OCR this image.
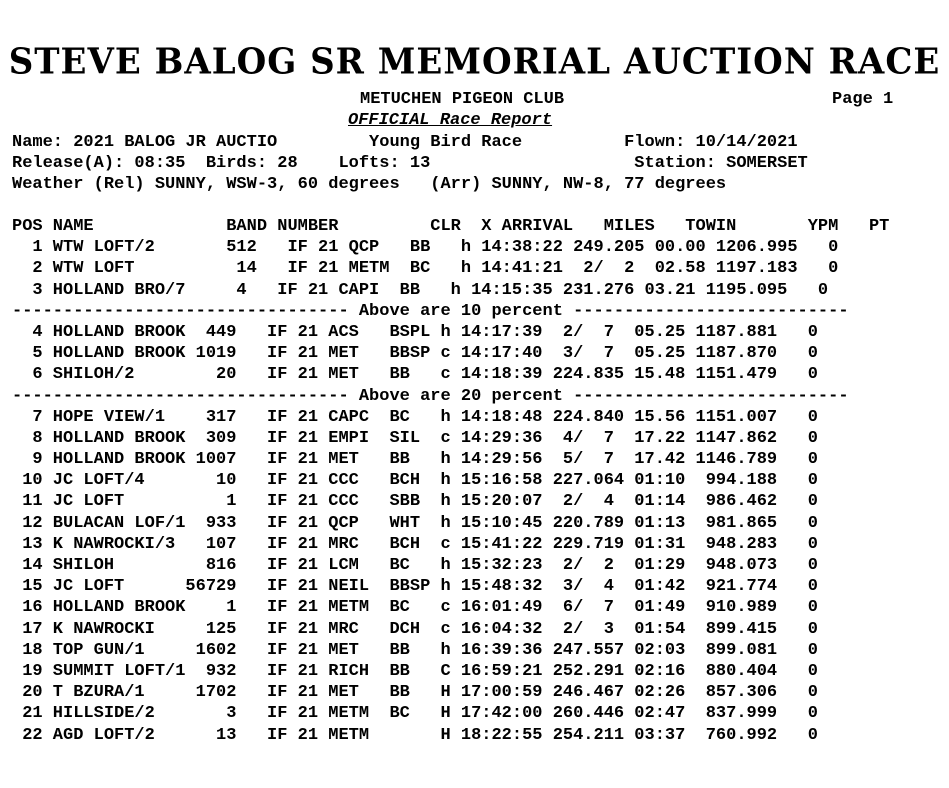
STEVE BALOG SR MEMORIAL AUCTION RACE
METUCHEN PIGEON CLUB	Page 1
OFFICIAL Race Report
Name: 2021 BALOG JR AUCTIO         Young Bird Race          Flown: 10/14/2021
Release(A): 08:35  Birds: 28    Lofts: 13                    Station: SOMERSET
Weather (Rel) SUNNY, WSW-3, 60 degrees   (Arr) SUNNY, NW-8, 77 degrees
POS NAME             BAND NUMBER         CLR  X ARRIVAL   MILES   TOWIN       YPM   PT
1 WTW LOFT/2       512   IF 21 QCP   BB   h 14:38:22 249.205 00.00 1206.995   0
2 WTW LOFT          14   IF 21 METM  BC   h 14:41:21  2/  2  02.58 1197.183   0
3 HOLLAND BRO/7     4   IF 21 CAPI  BB   h 14:15:35 231.276 03.21 1195.095   0
--------------------------------- Above are 10 percent ---------------------------
4 HOLLAND BROOK  449   IF 21 ACS   BSPL h 14:17:39  2/  7  05.25 1187.881   0
5 HOLLAND BROOK 1019   IF 21 MET   BBSP c 14:17:40  3/  7  05.25 1187.870   0
6 SHILOH/2        20   IF 21 MET   BB   c 14:18:39 224.835 15.48 1151.479   0
--------------------------------- Above are 20 percent ---------------------------
7 HOPE VIEW/1    317   IF 21 CAPC  BC   h 14:18:48 224.840 15.56 1151.007   0
8 HOLLAND BROOK  309   IF 21 EMPI  SIL  c 14:29:36  4/  7  17.22 1147.862   0
9 HOLLAND BROOK 1007   IF 21 MET   BB   h 14:29:56  5/  7  17.42 1146.789   0
10 JC LOFT/4       10   IF 21 CCC   BCH  h 15:16:58 227.064 01:10  994.188   0
11 JC LOFT          1   IF 21 CCC   SBB  h 15:20:07  2/  4  01:14  986.462   0
12 BULACAN LOF/1  933   IF 21 QCP   WHT  h 15:10:45 220.789 01:13  981.865   0
13 K NAWROCKI/3   107   IF 21 MRC   BCH  c 15:41:22 229.719 01:31  948.283   0
14 SHILOH         816   IF 21 LCM   BC   h 15:32:23  2/  2  01:29  948.073   0
15 JC LOFT      56729   IF 21 NEIL  BBSP h 15:48:32  3/  4  01:42  921.774   0
16 HOLLAND BROOK    1   IF 21 METM  BC   c 16:01:49  6/  7  01:49  910.989   0
17 K NAWROCKI     125   IF 21 MRC   DCH  c 16:04:32  2/  3  01:54  899.415   0
18 TOP GUN/1     1602   IF 21 MET   BB   h 16:39:36 247.557 02:03  899.081   0
19 SUMMIT LOFT/1  932   IF 21 RICH  BB   C 16:59:21 252.291 02:16  880.404   0
20 T BZURA/1     1702   IF 21 MET   BB   H 17:00:59 246.467 02:26  857.306   0
21 HILLSIDE/2       3   IF 21 METM  BC   H 17:42:00 260.446 02:47  837.999   0
22 AGD LOFT/2      13   IF 21 METM       H 18:22:55 254.211 03:37  760.992   0
